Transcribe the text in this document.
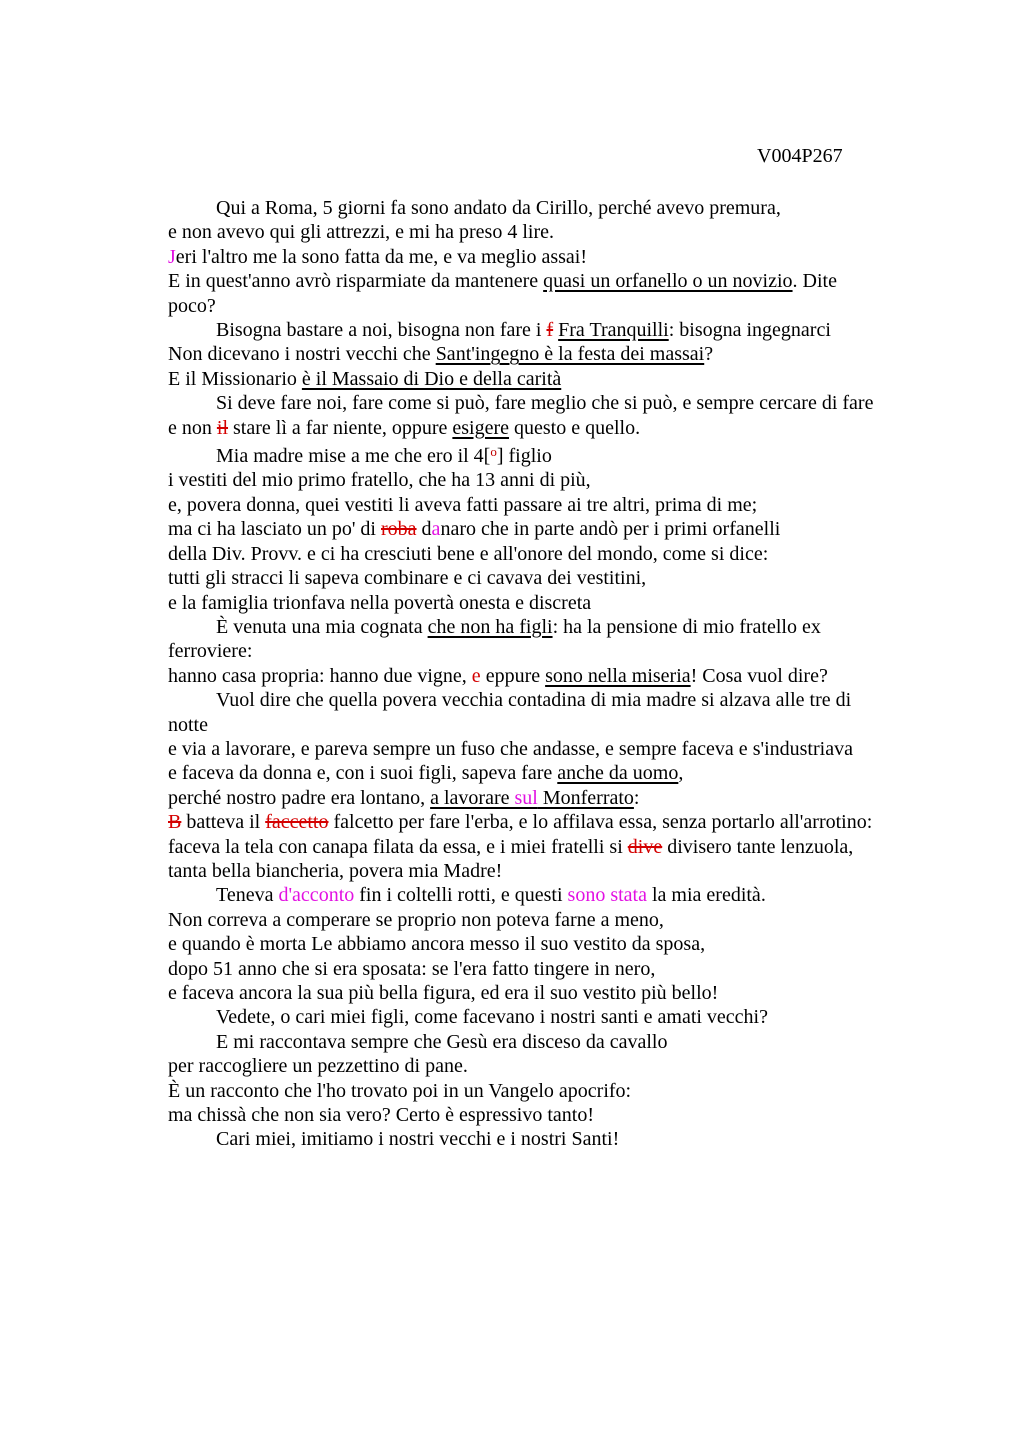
V004P267
Qui a Roma, 5 giorni fa sono andato da Cirillo, perché avevo premura,
e non avevo qui gli attrezzi, e mi ha preso 4 lire.
Jeri l'altro me la sono fatta da me, e va meglio assai!
E in quest'anno avrò risparmiate da mantenere quasi un orfanello o un novizio. Dite
poco?
Bisogna bastare a noi, bisogna non fare i f Fra Tranquilli: bisogna ingegnarci
Non dicevano i nostri vecchi che Sant'ingegno è la festa dei massai?
E il Missionario è il Massaio di Dio e della carità
Si deve fare noi, fare come si può, fare meglio che si può, e sempre cercare di fare
e non il stare lì a far niente, oppure esigere questo e quello.
Mia madre mise a me che ero il 4[$^o$] figlio
i vestiti del mio primo fratello, che ha 13 anni di più,
e, povera donna, quei vestiti li aveva fatti passare ai tre altri, prima di me;
ma ci ha lasciato un po' di roba danaro che in parte andò per i primi orfanelli
della Div. Provv. e ci ha cresciuti bene e all'onore del mondo, come si dice:
tutti gli stracci li sapeva combinare e ci cavava dei vestitini,
e la famiglia trionfava nella povertà onesta e discreta
È venuta una mia cognata che non ha figli: ha la pensione di mio fratello ex
ferroviere:
hanno casa propria: hanno due vigne, e eppure sono nella miseria! Cosa vuol dire?
Vuol dire che quella povera vecchia contadina di mia madre si alzava alle tre di
notte
e via a lavorare, e pareva sempre un fuso che andasse, e sempre faceva e s'industriava
e faceva da donna e, con i suoi figli, sapeva fare anche da uomo,
perché nostro padre era lontano, a lavorare sul Monferrato:
B batteva il faccetto falcetto per fare l'erba, e lo affilava essa, senza portarlo all'arrotino:
faceva la tela con canapa filata da essa, e i miei fratelli si dive divisero tante lenzuola,
tanta bella biancheria, povera mia Madre!
Teneva d'acconto fin i coltelli rotti, e questi sono stata la mia eredità.
Non correva a comperare se proprio non poteva farne a meno,
e quando è morta Le abbiamo ancora messo il suo vestito da sposa,
dopo 51 anno che si era sposata: se l'era fatto tingere in nero,
e faceva ancora la sua più bella figura, ed era il suo vestito più bello!
Vedete, o cari miei figli, come facevano i nostri santi e amati vecchi?
E mi raccontava sempre che Gesù era disceso da cavallo
per raccogliere un pezzettino di pane.
È un racconto che l'ho trovato poi in un Vangelo apocrifo:
ma chissà che non sia vero? Certo è espressivo tanto!
Cari miei, imitiamo i nostri vecchi e i nostri Santi!
